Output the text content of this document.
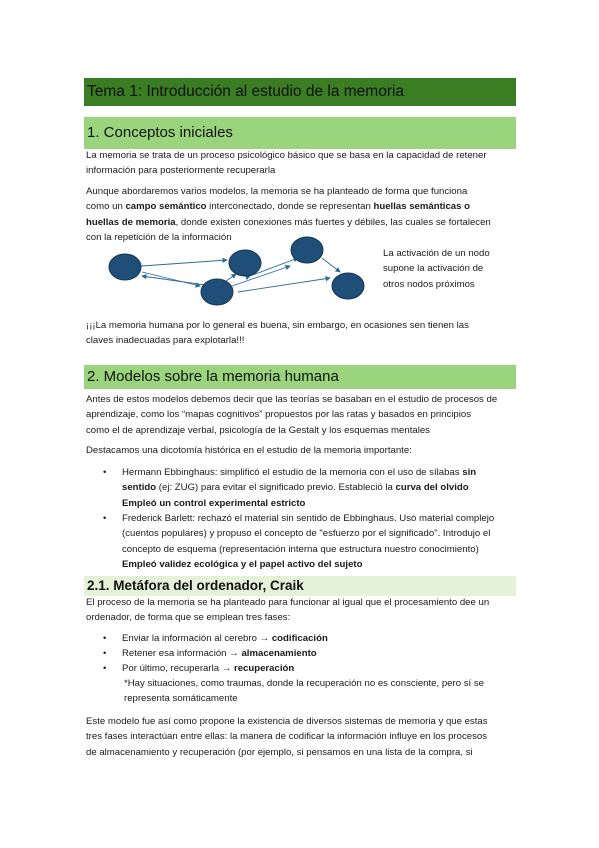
Tema 1: Introducción al estudio de la memoria
1. Conceptos iniciales
La memoria se trata de un proceso psicológico básico que se basa en la capacidad de retener
información para posteriormente recuperarla
Aunque abordaremos varios modelos, la memoria se ha planteado de forma que funciona
como un campo semántico interconectado, donde se representan huellas semánticas o
huellas de memoria, donde existen conexiones más fuertes y débiles, las cuales se fortalecen
con la repetición de la información
La activación de un nodo
supone la activación de
otros nodos próximos
¡¡¡La memoria humana por lo general es buena, sin embargo, en ocasiones sen tienen las
claves inadecuadas para explotarla!!!
2. Modelos sobre la memoria humana
Antes de estos modelos debemos decir que las teorías se basaban en el estudio de procesos de
aprendizaje, como los “mapas cognitivos” propuestos por las ratas y basados en principios
como el de aprendizaje verbal, psicología de la Gestalt y los esquemas mentales
Destacamos una dicotomía histórica en el estudio de la memoria importante:
• Hermann Ebbinghaus: simplificó el estudio de la memoria con el uso de sílabas sin
sentido (ej: ZUG) para evitar el significado previo. Estableció la curva del olvido
Empleó un control experimental estricto
• Frederick Barlett: rechazó el material sin sentido de Ebbinghaus. Usó material complejo
(cuentos populares) y propuso el concepto de "esfuerzo por el significado". Introdujo el
concepto de esquema (representación interna que estructura nuestro conocimiento)
Empleó validez ecológica y el papel activo del sujeto
2.1. Metáfora del ordenador, Craik
El proceso de la memoria se ha planteado para funcionar al igual que el procesamiento dee un
ordenador, de forma que se emplean tres fases:
• Enviar la información al cerebro → codificación
• Retener esa información → almacenamiento
• Por último, recuperarla → recuperación
*Hay situaciones, como traumas, donde la recuperación no es consciente, pero sí se
representa somáticamente
Este modelo fue así como propone la existencia de diversos sistemas de memoria y que estas
tres fases interactúan entre ellas: la manera de codificar la información influye en los procesos
de almacenamiento y recuperación (por ejemplo, si pensamos en una lista de la compra, si
